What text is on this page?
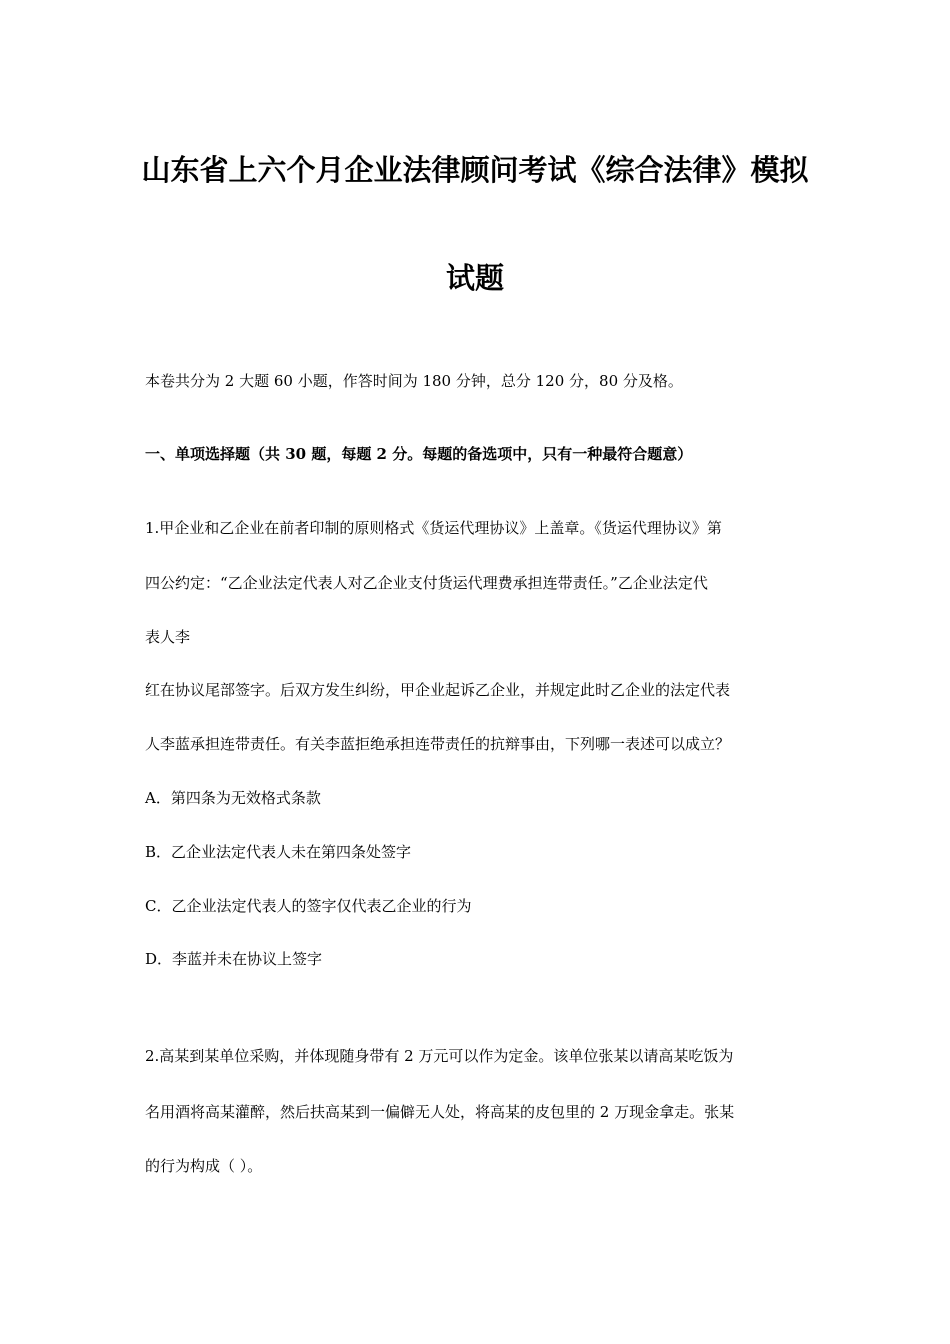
山东省上六个月企业法律顾问考试《综合法律》模拟
试题
本卷共分为 2 大题 60 小题，作答时间为 180 分钟，总分 120 分，80 分及格。
一、单项选择题（共 30 题，每题 2 分。每题的备选项中，只有一种最符合题意）
1.甲企业和乙企业在前者印制的原则格式《货运代理协议》上盖章。《货运代理协议》第
四公约定：“乙企业法定代表人对乙企业支付货运代理费承担连带责任。”乙企业法定代
表人李
红在协议尾部签字。后双方发生纠纷，甲企业起诉乙企业，并规定此时乙企业的法定代表
人李蓝承担连带责任。有关李蓝拒绝承担连带责任的抗辩事由，下列哪一表述可以成立？
A．第四条为无效格式条款
B．乙企业法定代表人未在第四条处签字
C．乙企业法定代表人的签字仅代表乙企业的行为
D．李蓝并未在协议上签字
2.高某到某单位采购，并体现随身带有 2 万元可以作为定金。该单位张某以请高某吃饭为
名用酒将高某灌醉，然后扶高某到一偏僻无人处，将高某的皮包里的 2 万现金拿走。张某
的行为构成（ ）。
